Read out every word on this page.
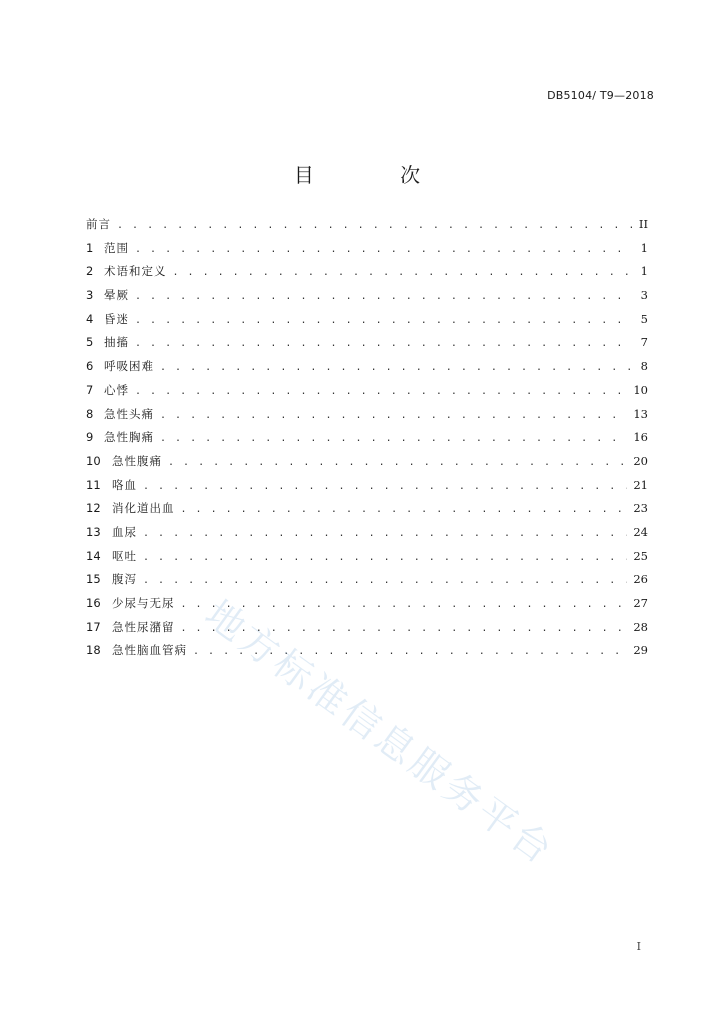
DB5104/ T9—2018
目 次
前言 . . .	II
1 范围 . . .	1
2 术语和定义 . . .	1
3 晕厥 . . .	3
4 昏迷 . . .	5
5 抽搐 . . .	7
6 呼吸困难 . . .	8
7 心悸 . . .	10
8 急性头痛 . . .	13
9 急性胸痛 . . .	16
10 急性腹痛 . . .	20
11 咯血 . . .	21
12 消化道出血 . . .	23
13 血尿 . . .	24
14 呕吐 . . .	25
15 腹泻 . . .	26
16 少尿与无尿 . . .	27
17 急性尿潴留 . . .	28
18 急性脑血管病 . . .	29
地方标准信息服务平台
I
